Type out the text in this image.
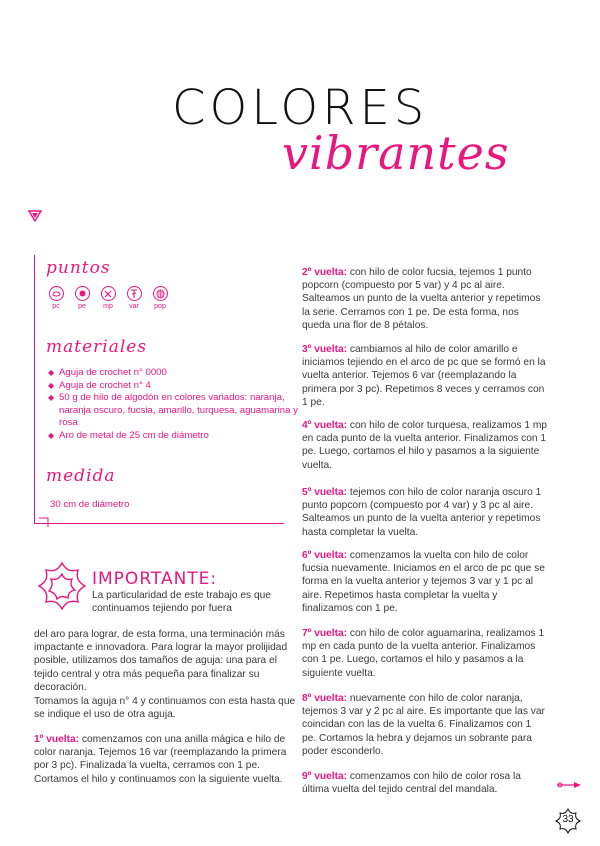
COLORES
vibrantes
puntos
pc	pe mp var pop
materiales
◆ Aguja de crochet n° 0000
◆ Aguja de crochet n° 4
◆ 50 g de hilo de algodón en colores variados: naranja, naranja oscuro, fucsia, amarillo, turquesa, aguamarina y rosa
◆ Aro de metal de 25 cm de diámetro
medida
30 cm de diámetro
IMPORTANTE:
La particularidad de este trabajo es que continuamos tejiendo por fuera
del aro para lograr, de esta forma, una terminación más impactante e innovadora. Para lograr la mayor prolijidad posible, utilizamos dos tamaños de aguja: una para el tejido central y otra más pequeña para finalizar su decoración.
Tomamos la aguja n° 4 y continuamos con esta hasta que se indique el uso de otra aguja.
1º vuelta: comenzamos con una anilla mágica e hilo de color naranja. Tejemos 16 var (reemplazando la primera por 3 pc). Finalizada la vuelta, cerramos con 1 pe. Cortamos el hilo y continuamos con la siguiente vuelta.
2º vuelta: con hilo de color fucsia, tejemos 1 punto popcorn (compuesto por 5 var) y 4 pc al aire. Salteamos un punto de la vuelta anterior y repetimos la serie. Cerramos con 1 pe. De esta forma, nos queda una flor de 8 pétalos.
3º vuelta: cambiamos al hilo de color amarillo e iniciamos tejiendo en el arco de pc que se formó en la vuelta anterior. Tejemos 6 var (reemplazando la primera por 3 pc). Repetimos 8 veces y cerramos con 1 pe.
4º vuelta: con hilo de color turquesa, realizamos 1 mp en cada punto de la vuelta anterior. Finalizamos con 1 pe. Luego, cortamos el hilo y pasamos a la siguiente vuelta.
5º vuelta: tejemos con hilo de color naranja oscuro 1 punto popcorn (compuesto por 4 var) y 3 pc al aire. Salteamos un punto de la vuelta anterior y repetimos hasta completar la vuelta.
6º vuelta: comenzamos la vuelta con hilo de color fucsia nuevamente. Iniciamos en el arco de pc que se forma en la vuelta anterior y tejemos 3 var y 1 pc al aire. Repetimos hasta completar la vuelta y finalizamos con 1 pe.
7º vuelta: con hilo de color aguamarina, realizamos 1 mp en cada punto de la vuelta anterior. Finalizamos con 1 pe. Luego, cortamos el hilo y pasamos a la siguiente vuelta.
8º vuelta: nuevamente con hilo de color naranja, tejemos 3 var y 2 pc al aire. Es importante que las var coincidan con las de la vuelta 6. Finalizamos con 1 pe. Cortamos la hebra y dejamos un sobrante para poder esconderlo.
9º vuelta: comenzamos con hilo de color rosa la última vuelta del tejido central del mandala.
33
